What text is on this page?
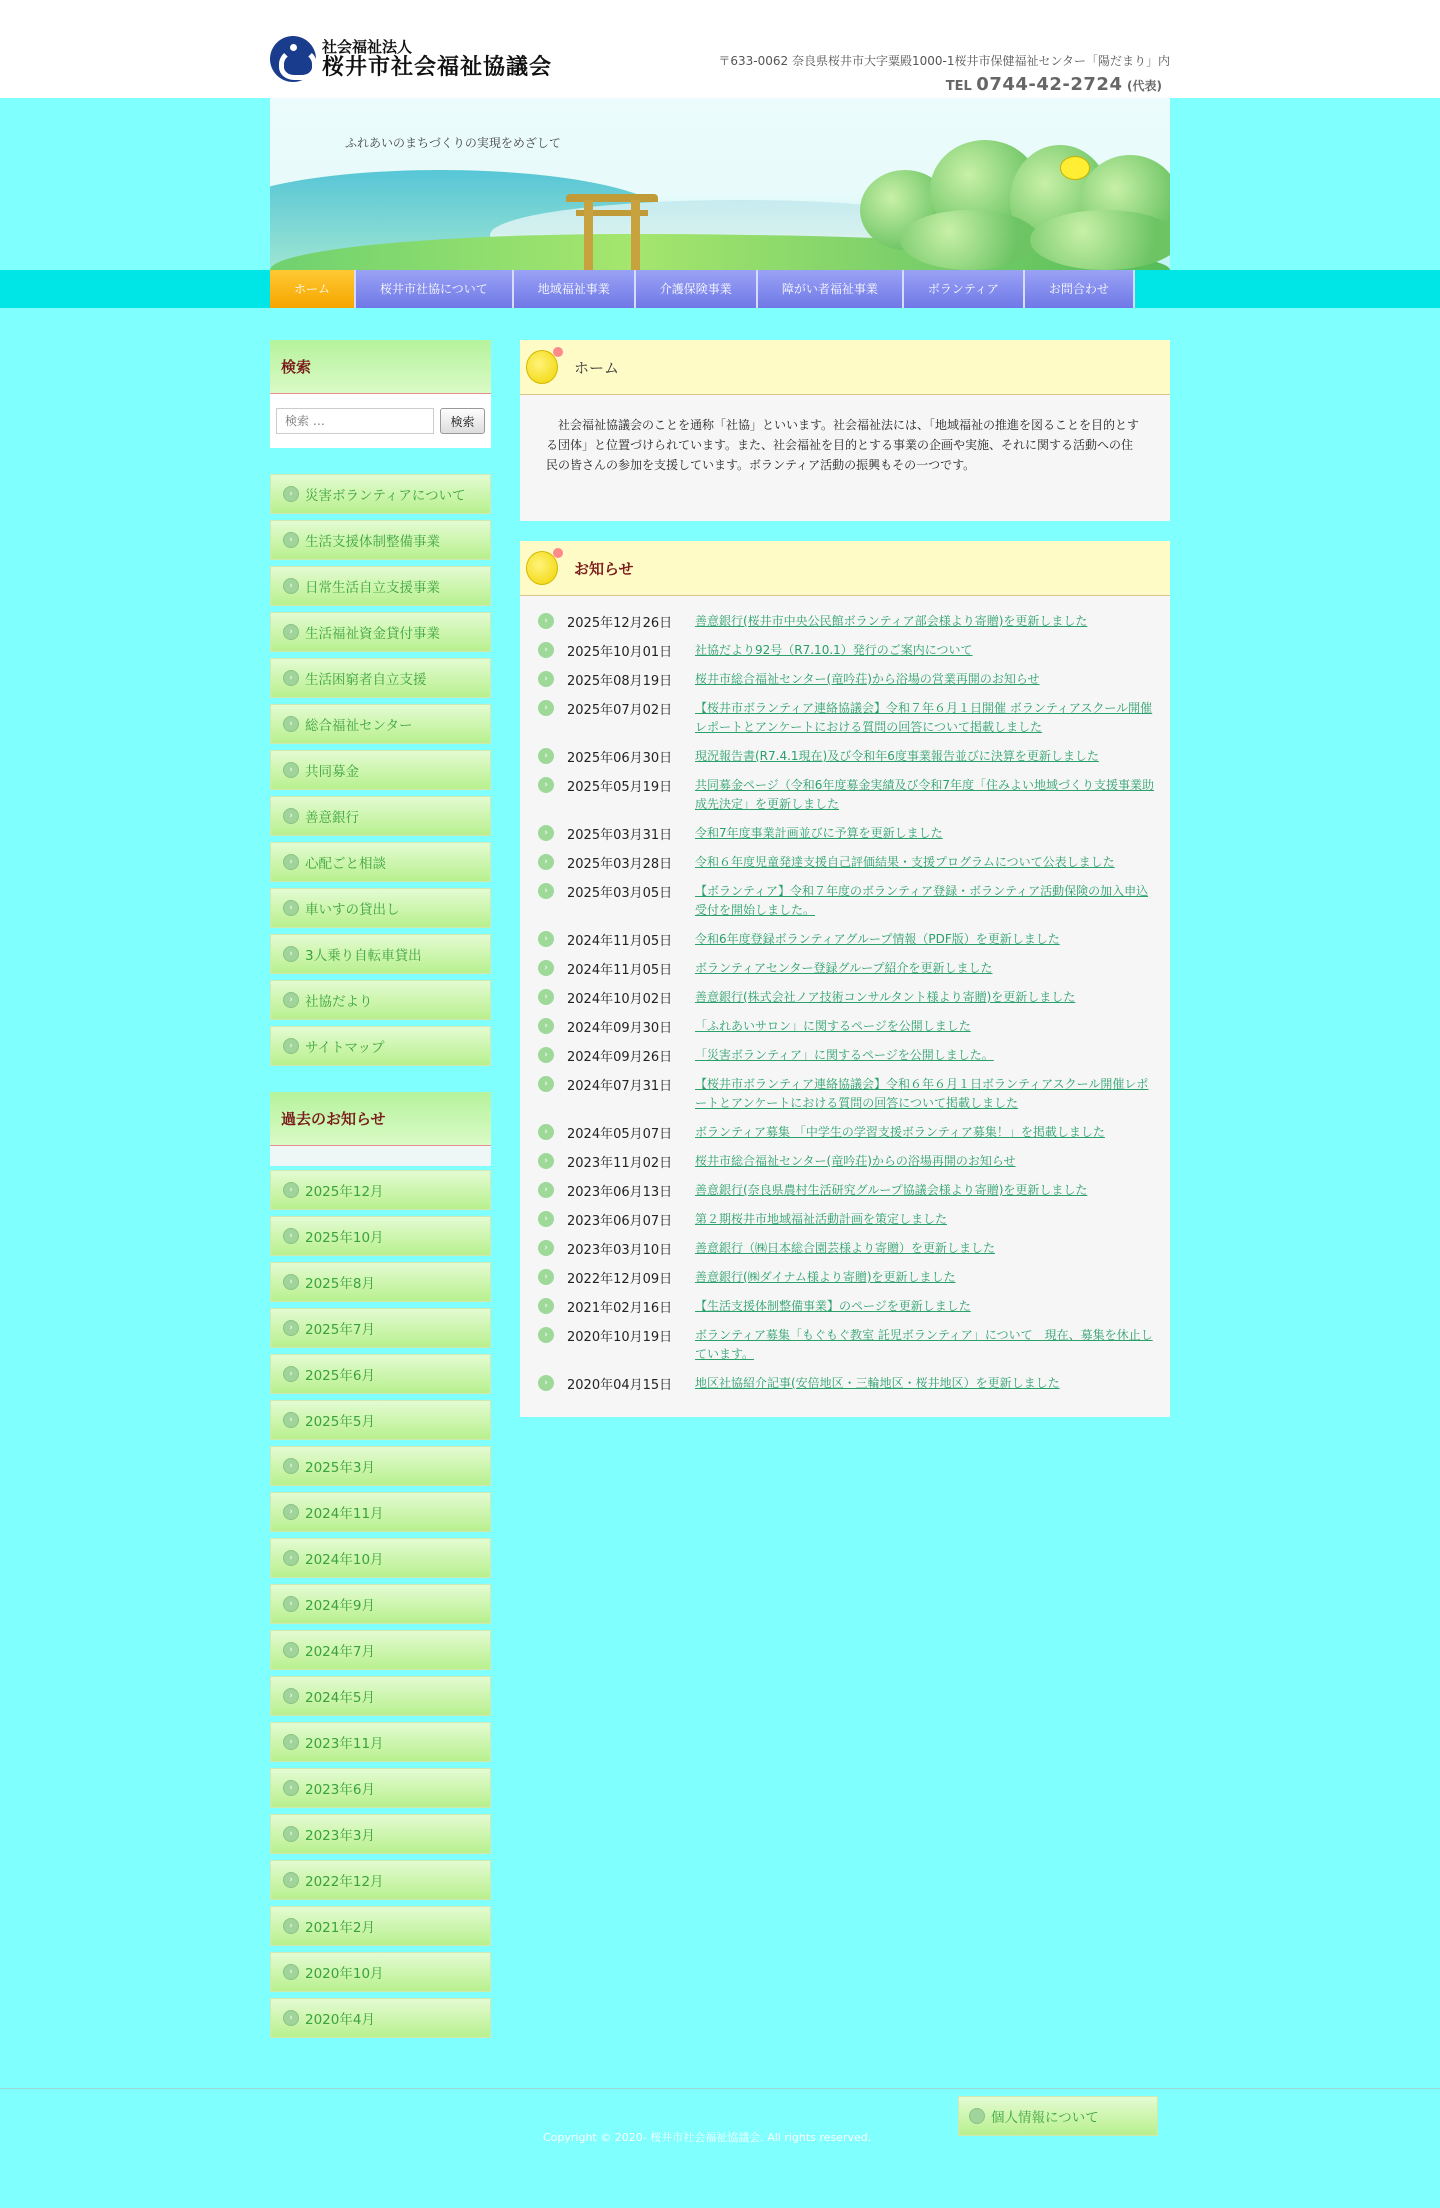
社会福祉法人
桜井市社会福祉協議会	〒633-0062 奈良県桜井市大字粟殿1000-1桜井市保健福祉センター「陽だまり」内
TEL 0744-42-2724 (代表)
ふれあいのまちづくりの実現をめざして
ホーム	桜井市社協について	地域福祉事業	介護保険事業	障がい者福祉事業	ボランティア	お問合わせ
検索
検索 …
検索
› 災害ボランティアについて
› 生活支援体制整備事業
› 日常生活自立支援事業
› 生活福祉資金貸付事業
› 生活困窮者自立支援
› 総合福祉センター
› 共同募金
› 善意銀行
› 心配ごと相談
› 車いすの貸出し
› 3人乗り自転車貸出
› 社協だより
› サイトマップ
過去のお知らせ
› 2025年12月
› 2025年10月
› 2025年8月
› 2025年7月
› 2025年6月
› 2025年5月
› 2025年3月
› 2024年11月
› 2024年10月
› 2024年9月
› 2024年7月
› 2024年5月
› 2023年11月
› 2023年6月
› 2023年3月
› 2022年12月
› 2021年2月
› 2020年10月
› 2020年4月
ホーム

社会福祉協議会のことを通称「社協」といいます。社会福祉法には、「地域福祉の推進を図ることを目的とする団体」と位置づけられています。また、社会福祉を目的とする事業の企画や実施、それに関する活動への住民の皆さんの参加を支援しています。ボランティア活動の振興もその一つです。

お知らせ
›	2025年12月26日	善意銀行(桜井市中央公民館ボランティア部会様より寄贈)を更新しました
›	2025年10月01日	社協だより92号（R7.10.1）発行のご案内について
›	2025年08月19日	桜井市総合福祉センター(竜吟荘)から浴場の営業再開のお知らせ
›	2025年07月02日	【桜井市ボランティア連絡協議会】令和７年６月１日開催 ボランティアスクール開催レポートとアンケートにおける質問の回答について掲載しました
›	2025年06月30日	現況報告書(R7.4.1現在)及び令和年6度事業報告並びに決算を更新しました
›	2025年05月19日	共同募金ページ（令和6年度募金実績及び令和7年度「住みよい地域づくり支援事業助成先決定」を更新しました
›	2025年03月31日	令和7年度事業計画並びに予算を更新しました
›	2025年03月28日	令和６年度児童発達支援自己評価結果・支援プログラムについて公表しました
›	2025年03月05日	【ボランティア】令和７年度のボランティア登録・ボランティア活動保険の加入申込受付を開始しました。
›	2024年11月05日	令和6年度登録ボランティアグループ情報（PDF版）を更新しました
›	2024年11月05日	ボランティアセンター登録グループ紹介を更新しました
›	2024年10月02日	善意銀行(株式会社ノア技術コンサルタント様より寄贈)を更新しました
›	2024年09月30日	「ふれあいサロン」に関するページを公開しました
›	2024年09月26日	「災害ボランティア」に関するページを公開しました。
›	2024年07月31日	【桜井市ボランティア連絡協議会】令和６年６月１日ボランティアスクール開催レポートとアンケートにおける質問の回答について掲載しました
›	2024年05月07日	ボランティア募集 「中学生の学習支援ボランティア募集！」を掲載しました
›	2023年11月02日	桜井市総合福祉センター(竜吟荘)からの浴場再開のお知らせ
›	2023年06月13日	善意銀行(奈良県農村生活研究グループ協議会様より寄贈)を更新しました
›	2023年06月07日	第２期桜井市地域福祉活動計画を策定しました
›	2023年03月10日	善意銀行（㈱日本総合園芸様より寄贈）を更新しました
›	2022年12月09日	善意銀行(㈱ダイナム様より寄贈)を更新しました
›	2021年02月16日	【生活支援体制整備事業】のページを更新しました
›	2020年10月19日	ボランティア募集「もぐもぐ教室 託児ボランティア」について　現在、募集を休止しています。
›	2020年04月15日	地区社協紹介記事(安倍地区・三輪地区・桜井地区）を更新しました
個人情報について
Copyright © 2020- 桜井市社会福祉協議会. All rights reserved.
